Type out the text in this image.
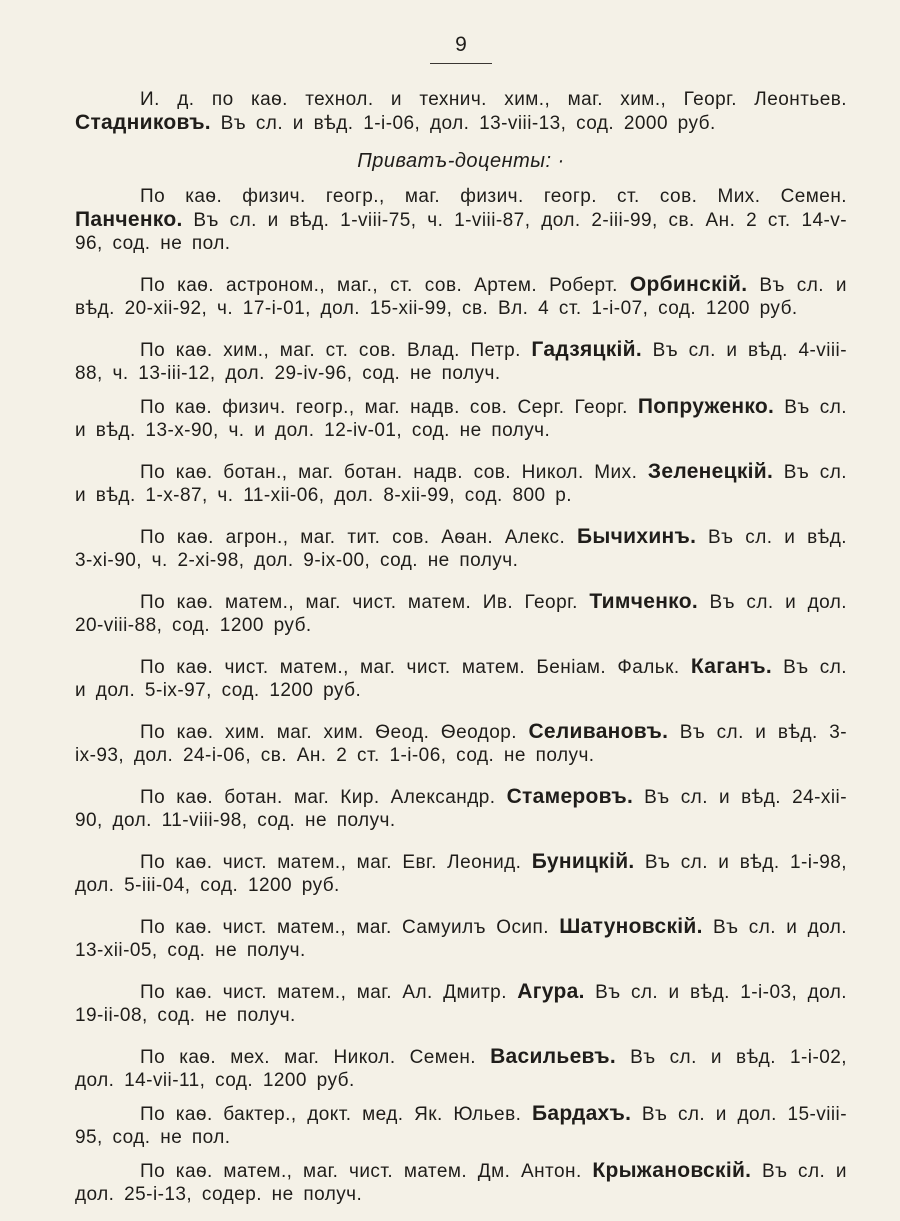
9

И. д. по каѳ. технол. и технич. хим., маг. хим., Георг. Леонтьев. Стадниковъ. Въ сл. и вѣд. 1-i-06, дол. 13-viii-13, сод. 2000 руб.

Приватъ-доценты: ·

По каѳ. физич. геогр., маг. физич. геогр. ст. сов. Мих. Семен. Панченко. Въ сл. и вѣд. 1-viii-75, ч. 1-viii-87, дол. 2-iii-99, св. Ан. 2 ст. 14-v-96, сод. не пол.

По каѳ. астроном., маг., ст. сов. Артем. Роберт. Орбинскій. Въ сл. и вѣд. 20-xii-92, ч. 17-i-01, дол. 15-xii-99, св. Вл. 4 ст. 1-i-07, сод. 1200 руб.

По каѳ. хим., маг. ст. сов. Влад. Петр. Гадзяцкій. Въ сл. и вѣд. 4-viii-88, ч. 13-iii-12, дол. 29-iv-96, сод. не получ.

По каѳ. физич. геогр., маг. надв. сов. Серг. Георг. Попруженко. Въ сл. и вѣд. 13-x-90, ч. и дол. 12-iv-01, сод. не получ.

По каѳ. ботан., маг. ботан. надв. сов. Никол. Мих. Зеленецкій. Въ сл. и вѣд. 1-x-87, ч. 11-xii-06, дол. 8-xii-99, сод. 800 р.

По каѳ. агрон., маг. тит. сов. Аѳан. Алекс. Бычихинъ. Въ сл. и вѣд. 3-xi-90, ч. 2-xi-98, дол. 9-ix-00, сод. не получ.

По каѳ. матем., маг. чист. матем. Ив. Георг. Тимченко. Въ сл. и дол. 20-viii-88, сод. 1200 руб.

По каѳ. чист. матем., маг. чист. матем. Беніам. Фальк. Каганъ. Въ сл. и дол. 5-ix-97, сод. 1200 руб.

По каѳ. хим. маг. хим. Ѳеод. Ѳеодор. Селивановъ. Въ сл. и вѣд. 3-ix-93, дол. 24-i-06, св. Ан. 2 ст. 1-i-06, сод. не получ.

По каѳ. ботан. маг. Кир. Александр. Стамеровъ. Въ сл. и вѣд. 24-xii-90, дол. 11-viii-98, сод. не получ.

По каѳ. чист. матем., маг. Евг. Леонид. Буницкій. Въ сл. и вѣд. 1-i-98, дол. 5-iii-04, сод. 1200 руб.

По каѳ. чист. матем., маг. Самуилъ Осип. Шатуновскій. Въ сл. и дол. 13-xii-05, сод. не получ.

По каѳ. чист. матем., маг. Ал. Дмитр. Агура. Въ сл. и вѣд. 1-i-03, дол. 19-ii-08, сод. не получ.

По каѳ. мех. маг. Никол. Семен. Васильевъ. Въ сл. и вѣд. 1-i-02, дол. 14-vii-11, сод. 1200 руб.

По каѳ. бактер., докт. мед. Як. Юльев. Бардахъ. Въ сл. и дол. 15-viii-95, сод. не пол.

По каѳ. матем., маг. чист. матем. Дм. Антон. Крыжановскій. Въ сл. и дол. 25-i-13, содер. не получ.
